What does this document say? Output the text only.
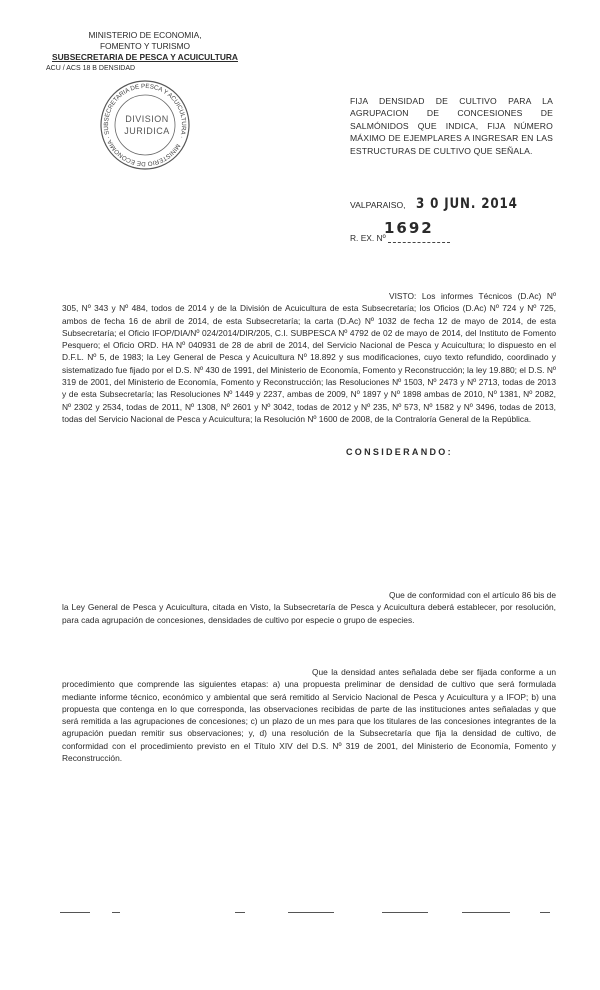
MINISTERIO DE ECONOMIA,
FOMENTO Y TURISMO
SUBSECRETARIA DE PESCA Y ACUICULTURA
ACU / ACS 18 B DENSIDAD
MINISTERIO DE ECONOMIA · SUBSECRETARIA DE PESCA Y ACUICULTURA ·
DIVISION
JURIDICA
FIJA DENSIDAD DE CULTIVO PARA LA AGRUPACION DE CONCESIONES DE SALMÓNIDOS QUE INDICA, FIJA NÚMERO MÁXIMO DE EJEMPLARES A INGRESAR EN LAS ESTRUCTURAS DE CULTIVO QUE SEÑALA.
VALPARAISO, 3 0 JUN. 2014
R. EX. Nº
1692
VISTO: Los informes Técnicos (D.Ac) Nº 305, Nº 343 y Nº 484, todos de 2014 y de la División de Acuicultura de esta Subsecretaría; los Oficios (D.Ac) Nº 724 y Nº 725, ambos de fecha 16 de abril de 2014, de esta Subsecretaría; la carta (D.Ac) Nº 1032 de fecha 12 de mayo de 2014, de esta Subsecretaría; el Oficio IFOP/DIA/Nº 024/2014/DIR/205, C.I. SUBPESCA Nº 4792 de 02 de mayo de 2014, del Instituto de Fomento Pesquero; el Oficio ORD. HA Nº 040931 de 28 de abril de 2014, del Servicio Nacional de Pesca y Acuicultura; lo dispuesto en el D.F.L. Nº 5, de 1983; la Ley General de Pesca y Acuicultura Nº 18.892 y sus modificaciones, cuyo texto refundido, coordinado y sistematizado fue fijado por el D.S. Nº 430 de 1991, del Ministerio de Economía, Fomento y Reconstrucción; la ley 19.880; el D.S. Nº 319 de 2001, del Ministerio de Economía, Fomento y Reconstrucción; las Resoluciones Nº 1503, Nº 2473 y Nº 2713, todas de 2013 y de esta Subsecretaría; las Resoluciones Nº 1449 y 2237, ambas de 2009, Nº 1897 y Nº 1898 ambas de 2010, Nº 1381, Nº 2082, Nº 2302 y 2534, todas de 2011, Nº 1308, Nº 2601 y Nº 3042, todas de 2012 y Nº 235, Nº 573, Nº 1582 y Nº 3496, todas de 2013, todas del Servicio Nacional de Pesca y Acuicultura; la Resolución Nº 1600 de 2008, de la Contraloría General de la República.
CONSIDERANDO:
Que de conformidad con el artículo 86 bis de la Ley General de Pesca y Acuicultura, citada en Visto, la Subsecretaría de Pesca y Acuicultura deberá establecer, por resolución, para cada agrupación de concesiones, densidades de cultivo por especie o grupo de especies.
Que la densidad antes señalada debe ser fijada conforme a un procedimiento que comprende las siguientes etapas: a) una propuesta preliminar de densidad de cultivo que será formulada mediante informe técnico, económico y ambiental que será remitido al Servicio Nacional de Pesca y Acuicultura y a IFOP; b) una propuesta que contenga en lo que corresponda, las observaciones recibidas de parte de las instituciones antes señaladas y que será remitida a las agrupaciones de concesiones; c) un plazo de un mes para que los titulares de las concesiones integrantes de la agrupación puedan remitir sus observaciones; y, d) una resolución de la Subsecretaría que fija la densidad de cultivo, de conformidad con el procedimiento previsto en el Título XIV del D.S. Nº 319 de 2001, del Ministerio de Economía, Fomento y Reconstrucción.
